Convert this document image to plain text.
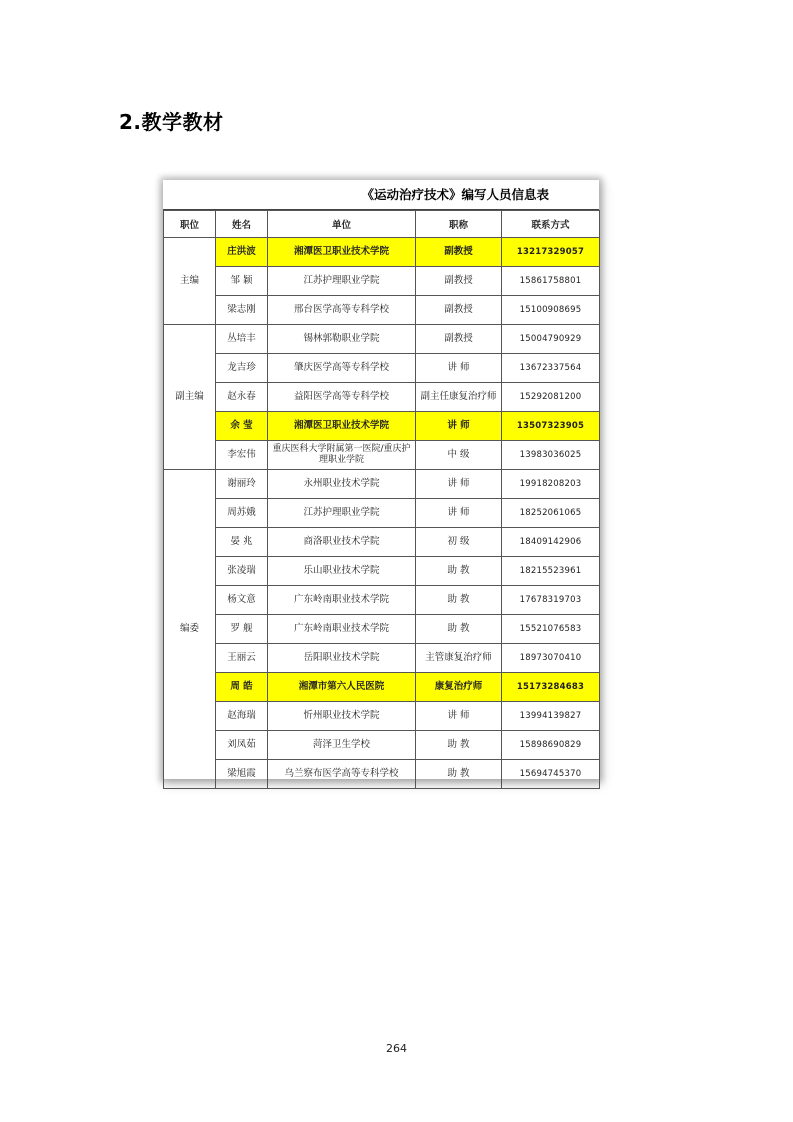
2.教学教材
《运动治疗技术》编写人员信息表
职位	姓名	单位	职称	联系方式
主编	庄洪波	湘潭医卫职业技术学院	副教授	13217329057
	邹 颖	江苏护理职业学院	副教授	15861758801
	梁志刚	邢台医学高等专科学校	副教授	15100908695
副主编	丛培丰	锡林郭勒职业学院	副教授	15004790929
	龙吉珍	肇庆医学高等专科学校	讲 师	13672337564
	赵永春	益阳医学高等专科学校	副主任康复治疗师	15292081200
	余 莹	湘潭医卫职业技术学院	讲 师	13507323905
	李宏伟	重庆医科大学附属第一医院/重庆护理职业学院	中 级	13983036025
编委	谢丽玲	永州职业技术学院	讲 师	19918208203
	周苏娥	江苏护理职业学院	讲 师	18252061065
	晏 兆	商洛职业技术学院	初 级	18409142906
	张凌瑞	乐山职业技术学院	助 教	18215523961
	杨文意	广东岭南职业技术学院	助 教	17678319703
	罗 舰	广东岭南职业技术学院	助 教	15521076583
	王丽云	岳阳职业技术学院	主管康复治疗师	18973070410
	周 皓	湘潭市第六人民医院	康复治疗师	15173284683
	赵海瑞	忻州职业技术学院	讲 师	13994139827
	刘凤茹	菏泽卫生学校	助 教	15898690829
	梁旭霞	乌兰察布医学高等专科学校	助 教	15694745370
264
